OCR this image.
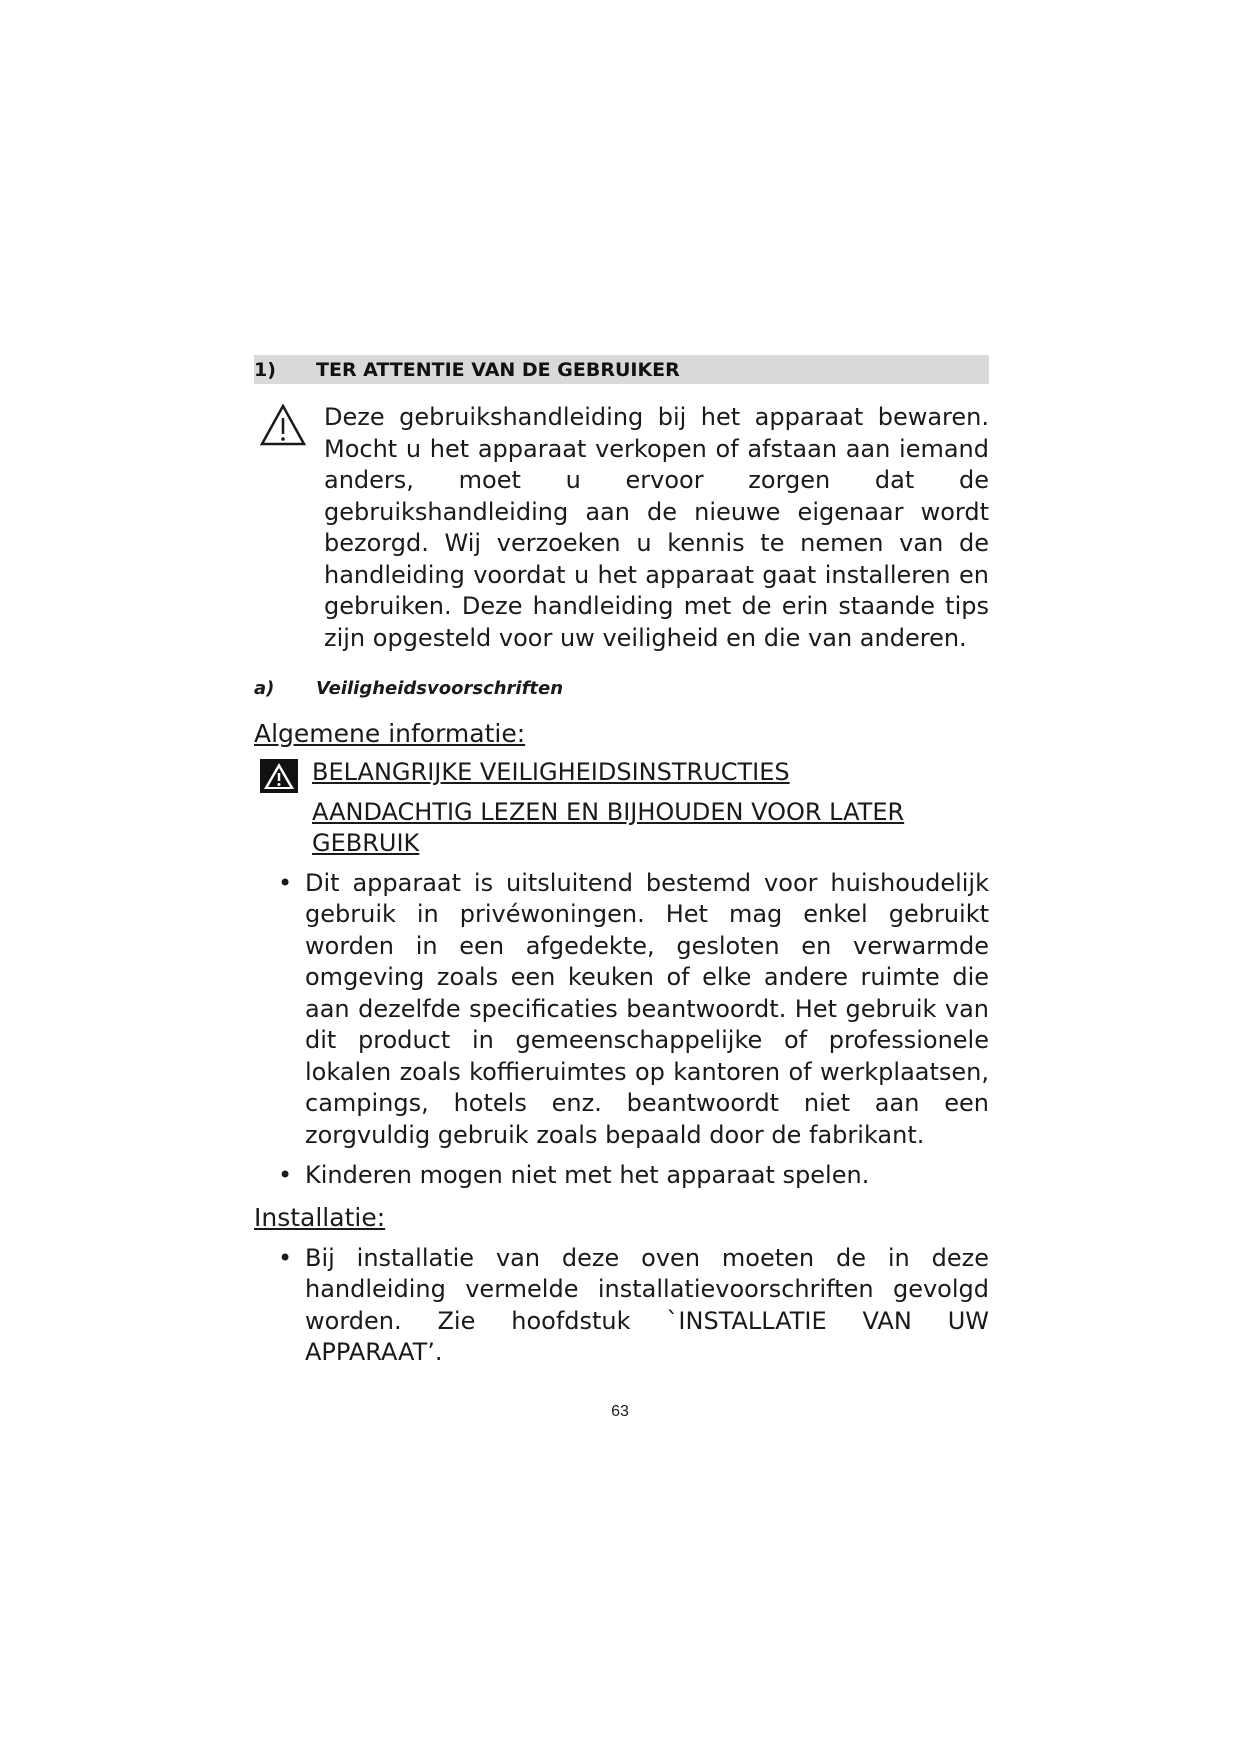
1)	TER ATTENTIE VAN DE GEBRUIKER

Deze gebruikshandleiding bij het apparaat bewaren. Mocht u het apparaat verkopen of afstaan aan iemand anders, moet u ervoor zorgen dat de gebruikshandleiding aan de nieuwe eigenaar wordt bezorgd. Wij verzoeken u kennis te nemen van de handleiding voordat u het apparaat gaat installeren en gebruiken. Deze handleiding met de erin staande tips zijn opgesteld voor uw veiligheid en die van anderen.

a)	Veiligheidsvoorschriften
Algemene informatie:
BELANGRIJKE VEILIGHEIDSINSTRUCTIES
AANDACHTIG LEZEN EN BIJHOUDEN VOOR LATER GEBRUIK
• Dit apparaat is uitsluitend bestemd voor huishoudelijk gebruik in privéwoningen. Het mag enkel gebruikt worden in een afgedekte, gesloten en verwarmde omgeving zoals een keuken of elke andere ruimte die aan dezelfde specificaties beantwoordt. Het gebruik van dit product in gemeenschappelijke of professionele lokalen zoals koffieruimtes op kantoren of werkplaatsen, campings, hotels enz. beantwoordt niet aan een zorgvuldig gebruik zoals bepaald door de fabrikant.
• Kinderen mogen niet met het apparaat spelen.
Installatie:
• Bij installatie van deze oven moeten de in deze handleiding vermelde installatievoorschriften gevolgd worden. Zie hoofdstuk `INSTALLATIE VAN UW APPARAAT’.
63
